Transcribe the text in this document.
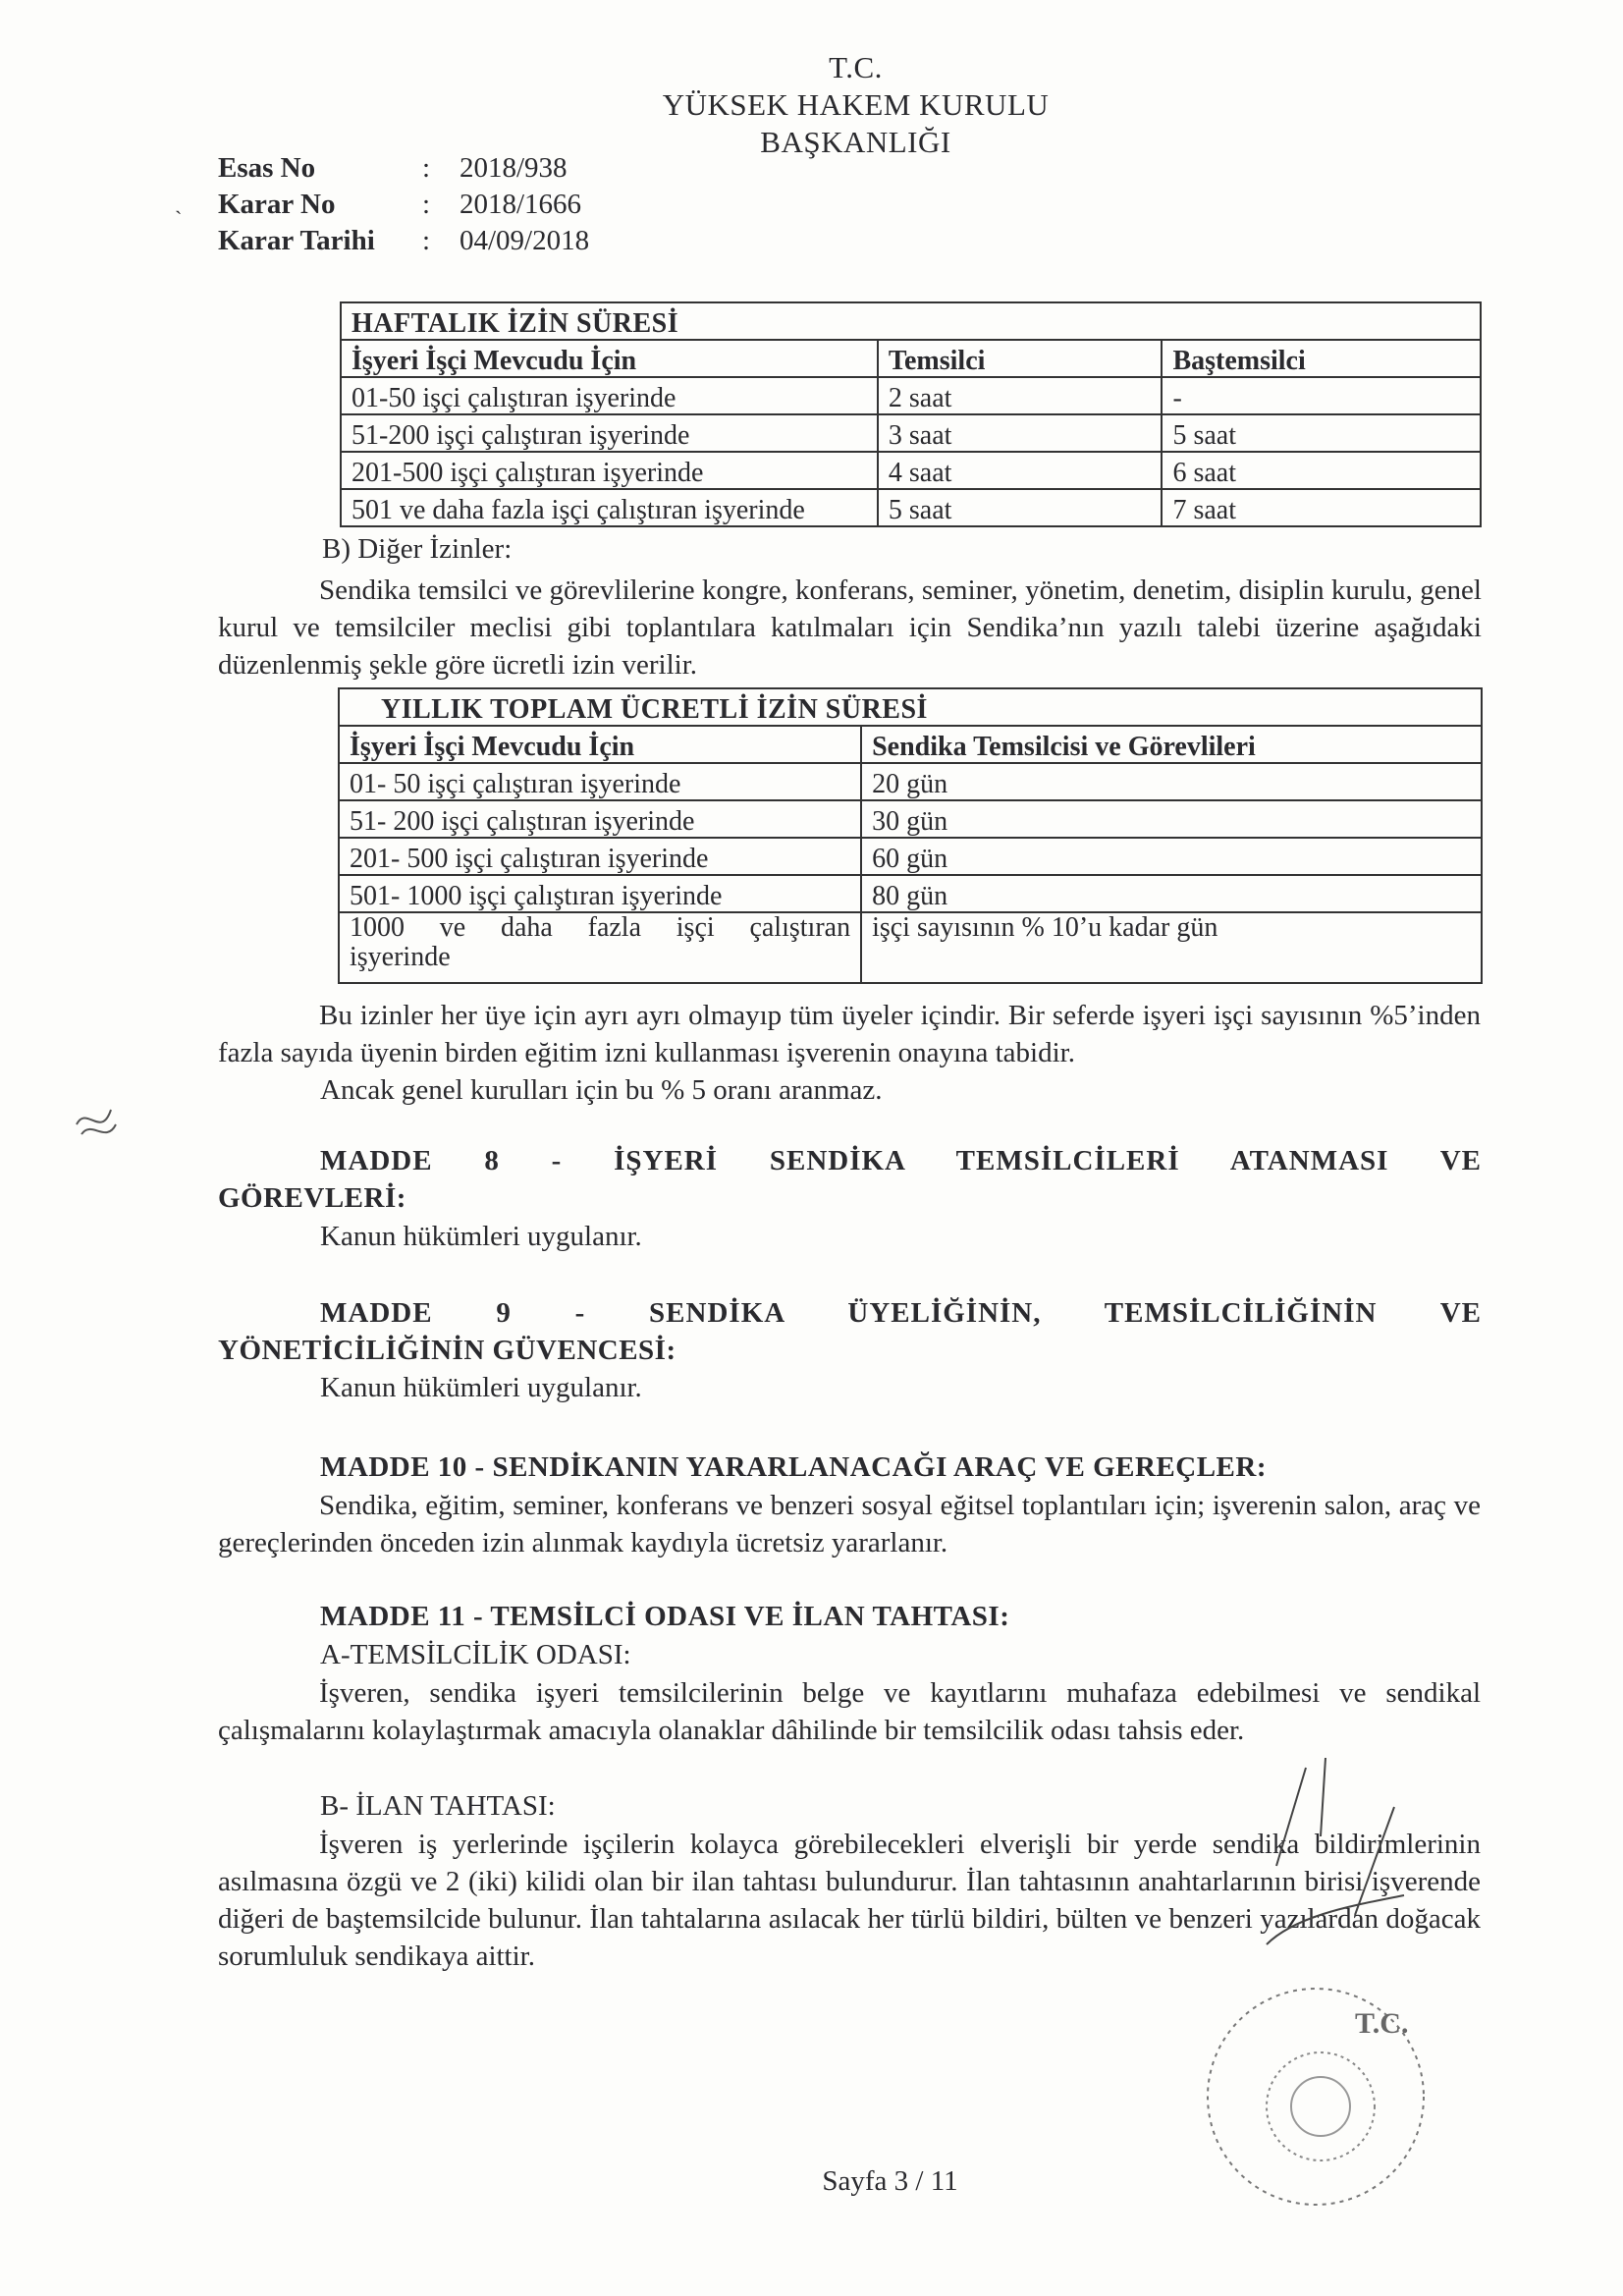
T.C.
YÜKSEK HAKEM KURULU
BAŞKANLIĞI
˴
Esas No	:	2018/938
Karar No	:	2018/1666
Karar Tarihi	:	04/09/2018
HAFTALIK İZİN SÜRESİ		
İşyeri İşçi Mevcudu İçin	Temsilci	Baştemsilci
01-50 işçi çalıştıran işyerinde	2 saat	-
51-200 işçi çalıştıran işyerinde	3 saat	5 saat
201-500 işçi çalıştıran işyerinde	4 saat	6 saat
501 ve daha fazla işçi çalıştıran işyerinde	5 saat	7 saat
B) Diğer İzinler:
Sendika temsilci ve görevlilerine kongre, konferans, seminer, yönetim, denetim, disiplin kurulu, genel kurul ve temsilciler meclisi gibi toplantılara katılmaları için Sendika’nın yazılı talebi üzerine aşağıdaki düzenlenmiş şekle göre ücretli izin verilir.
YILLIK TOPLAM ÜCRETLİ İZİN SÜRESİ	
İşyeri İşçi Mevcudu İçin	Sendika Temsilcisi ve Görevlileri
01- 50 işçi çalıştıran işyerinde	20 gün
51- 200 işçi çalıştıran işyerinde	30 gün
201- 500 işçi çalıştıran işyerinde	60 gün
501- 1000 işçi çalıştıran işyerinde	80 gün

1000 ve daha fazla işçi çalıştıran
işyerinde	işçi sayısının % 10’u kadar gün
Bu izinler her üye için ayrı ayrı olmayıp tüm üyeler içindir. Bir seferde işyeri işçi sayısının %5’inden fazla sayıda üyenin birden eğitim izni kullanması işverenin onayına tabidir.
Ancak genel kurulları için bu % 5 oranı aranmaz.
MADDE 8 - İŞYERİ SENDİKA TEMSİLCİLERİ ATANMASI VE
GÖREVLERİ:
Kanun hükümleri uygulanır.
MADDE 9 - SENDİKA ÜYELİĞİNİN, TEMSİLCİLİĞİNİN VE
YÖNETİCİLİĞİNİN GÜVENCESİ:
Kanun hükümleri uygulanır.
MADDE 10 - SENDİKANIN YARARLANACAĞI ARAÇ VE GEREÇLER:
Sendika, eğitim, seminer, konferans ve benzeri sosyal eğitsel toplantıları için; işverenin salon, araç ve gereçlerinden önceden izin alınmak kaydıyla ücretsiz yararlanır.
MADDE 11 - TEMSİLCİ ODASI VE İLAN TAHTASI:
A-TEMSİLCİLİK ODASI:
İşveren, sendika işyeri temsilcilerinin belge ve kayıtlarını muhafaza edebilmesi ve sendikal çalışmalarını kolaylaştırmak amacıyla olanaklar dâhilinde bir temsilcilik odası tahsis eder.
B- İLAN TAHTASI:
İşveren iş yerlerinde işçilerin kolayca görebilecekleri elverişli bir yerde sendika bildirimlerinin asılmasına özgü ve 2 (iki) kilidi olan bir ilan tahtası bulundurur. İlan tahtasının anahtarlarının birisi işverende diğeri de baştemsilcide bulunur. İlan tahtalarına asılacak her türlü bildiri, bülten ve benzeri yazılardan doğacak sorumluluk sendikaya aittir.
T.C.
Sayfa 3 / 11
